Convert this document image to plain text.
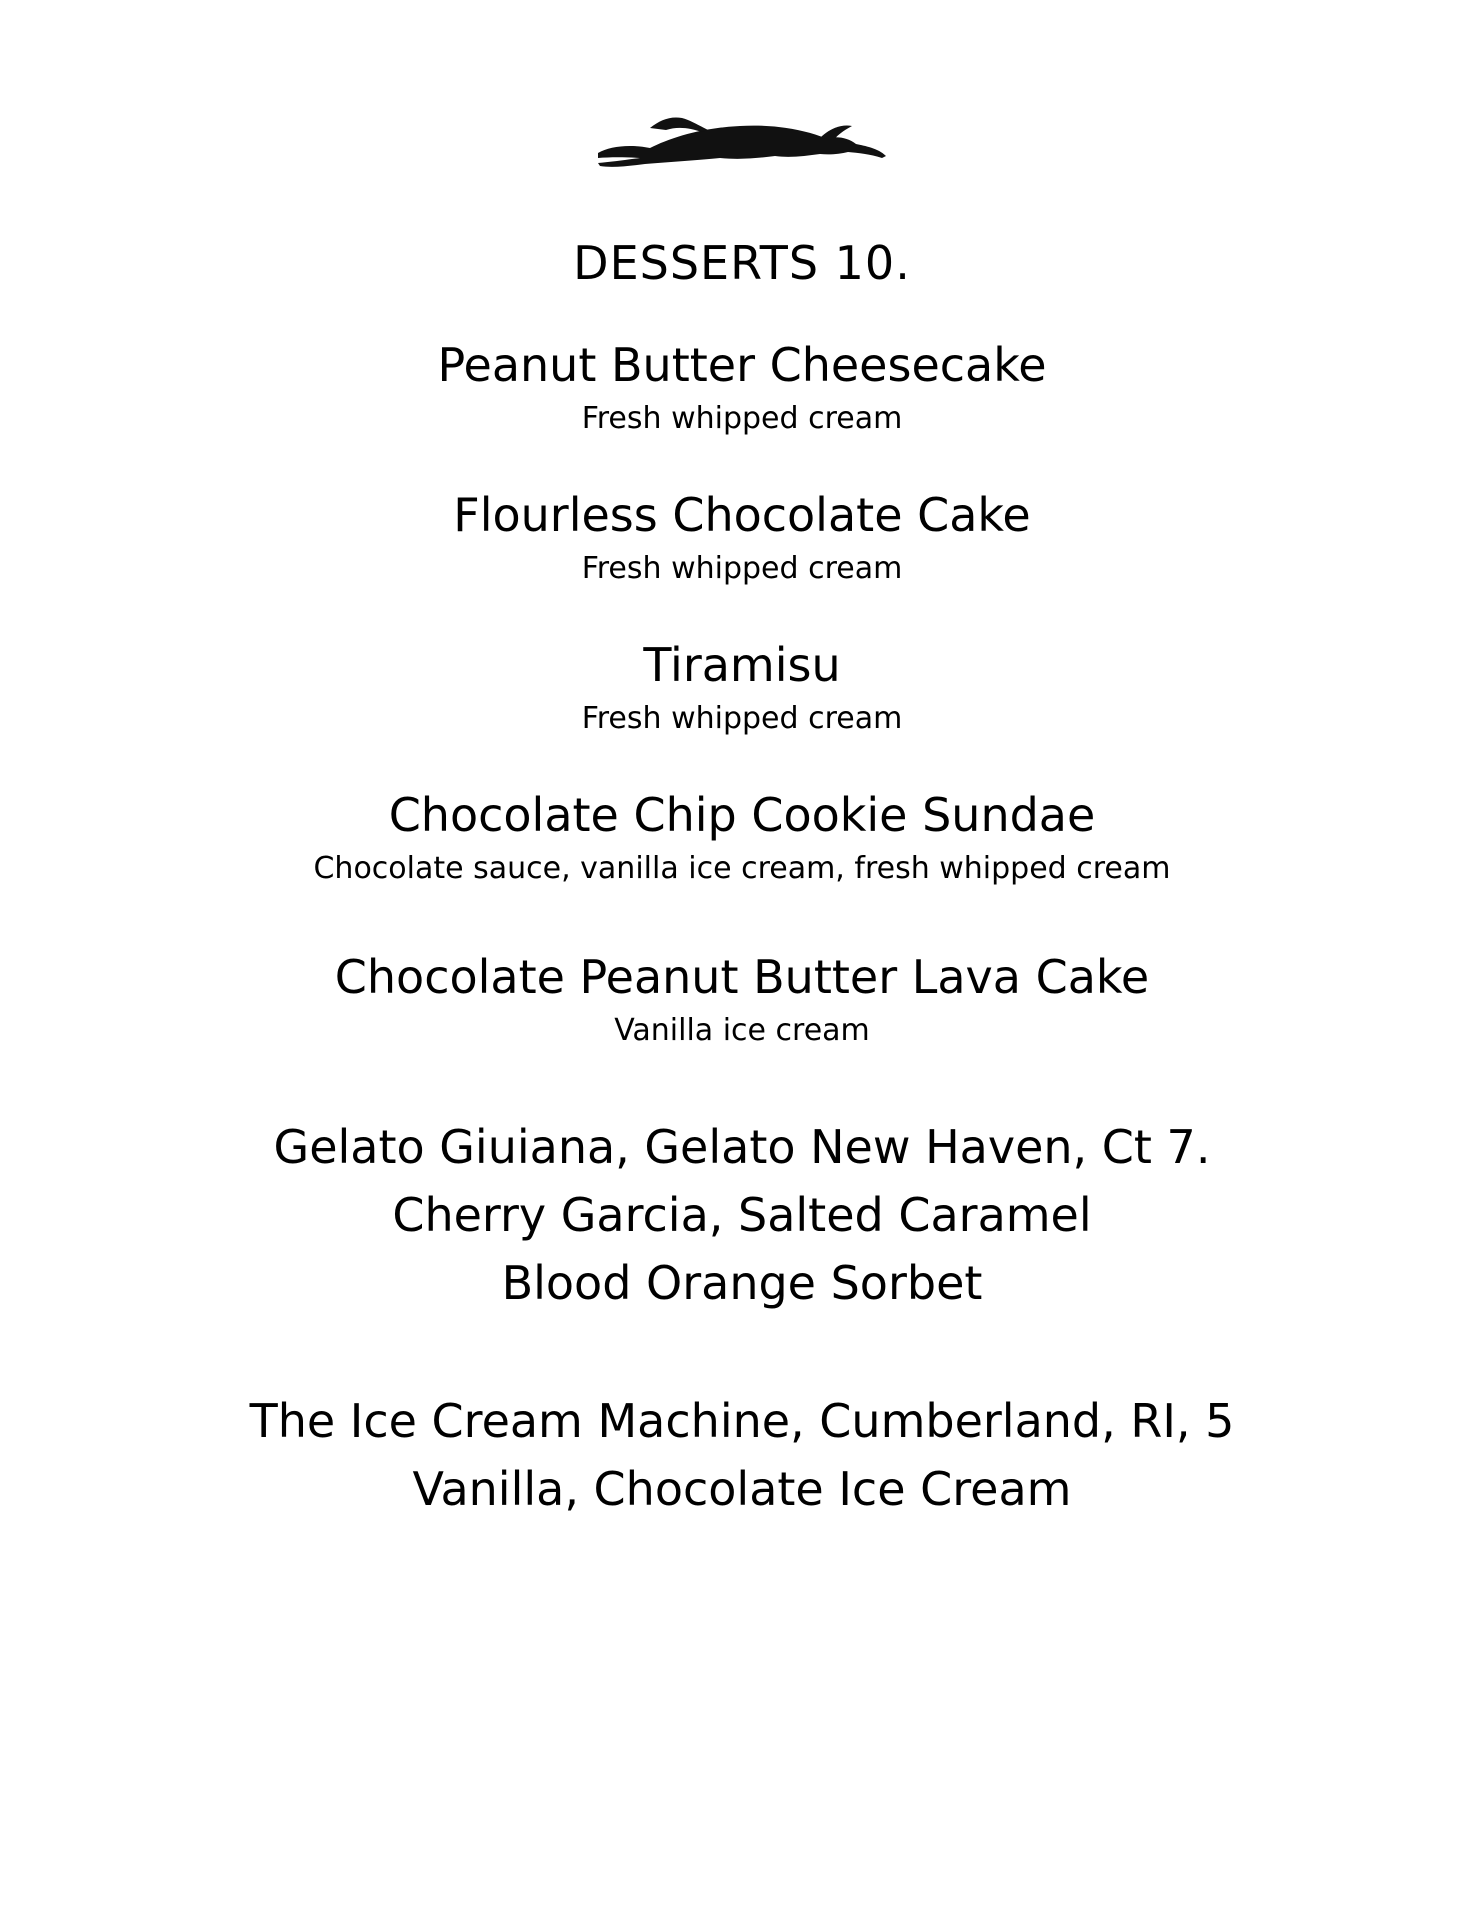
DESSERTS 10.
Peanut Butter Cheesecake
Fresh whipped cream
Flourless Chocolate Cake
Fresh whipped cream
Tiramisu
Fresh whipped cream
Chocolate Chip Cookie Sundae
Chocolate sauce, vanilla ice cream, fresh whipped cream
Chocolate Peanut Butter Lava Cake
Vanilla ice cream
Gelato Giuiana, Gelato New Haven, Ct 7.
Cherry Garcia, Salted Caramel
Blood Orange Sorbet
The Ice Cream Machine, Cumberland, RI, 5
Vanilla, Chocolate Ice Cream
